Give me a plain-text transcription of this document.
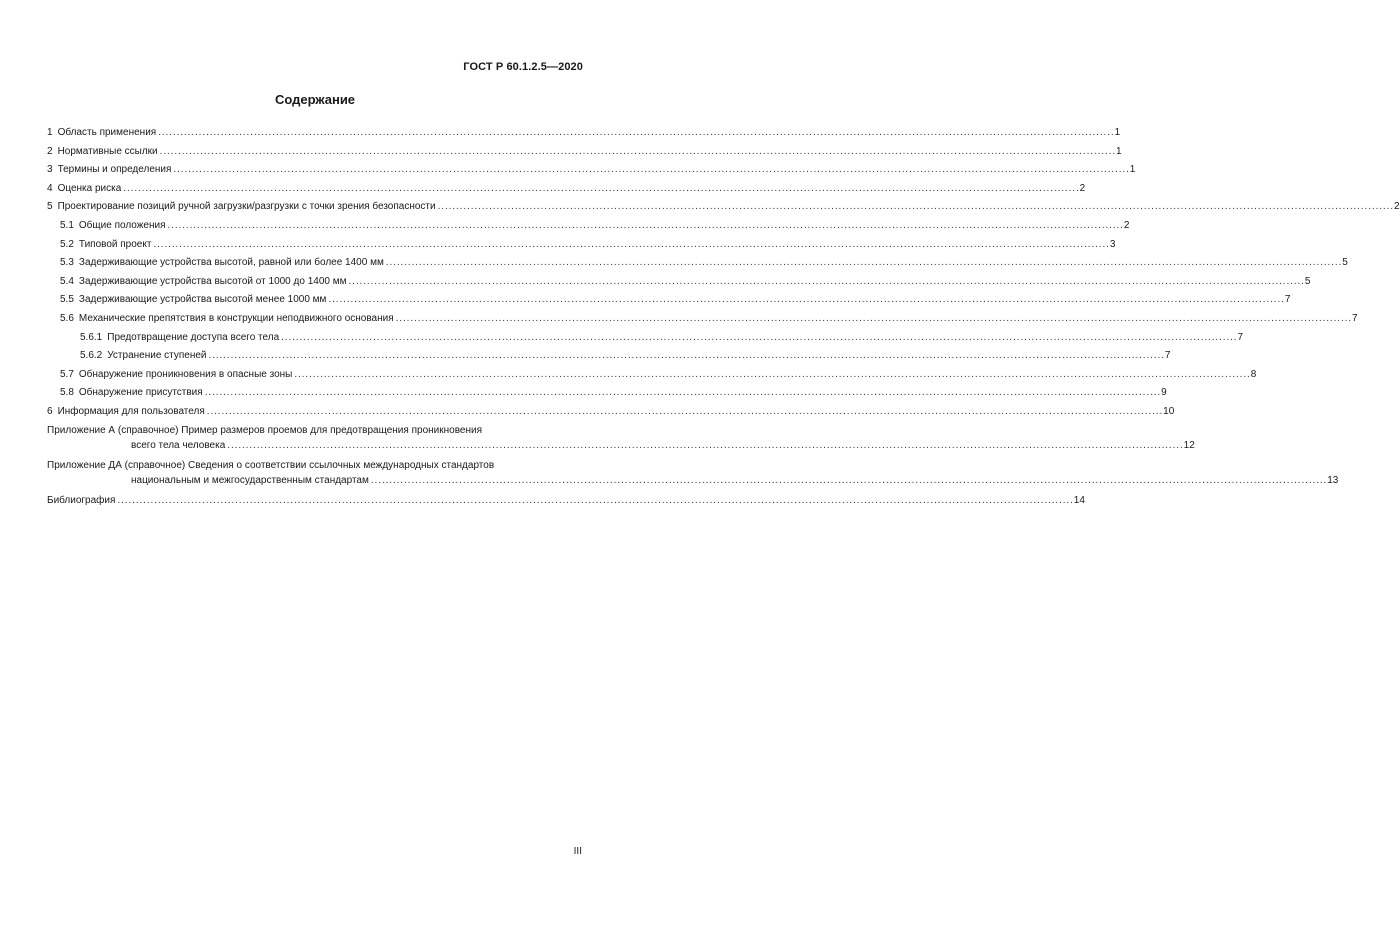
ГОСТ Р 60.1.2.5—2020
Содержание
1 Область применения .................................................................................................................................................................................................................................................................... 1
2 Нормативные ссылки .................................................................................................................................................................................................................................................................... 1
3 Термины и определения .................................................................................................................................................................................................................................................................... 1
4 Оценка риска .................................................................................................................................................................................................................................................................... 2
5 Проектирование позиций ручной загрузки/разгрузки с точки зрения безопасности .................................................................................................................................................................................................................................................................... 2
5.1 Общие положения .................................................................................................................................................................................................................................................................... 2
5.2 Типовой проект .................................................................................................................................................................................................................................................................... 3
5.3 Задерживающие устройства высотой, равной или более 1400 мм .................................................................................................................................................................................................................................................................... 5
5.4 Задерживающие устройства высотой от 1000 до 1400 мм .................................................................................................................................................................................................................................................................... 5
5.5 Задерживающие устройства высотой менее 1000 мм .................................................................................................................................................................................................................................................................... 7
5.6 Механические препятствия в конструкции неподвижного основания .................................................................................................................................................................................................................................................................... 7
5.6.1 Предотвращение доступа всего тела .................................................................................................................................................................................................................................................................... 7
5.6.2 Устранение ступеней .................................................................................................................................................................................................................................................................... 7
5.7 Обнаружение проникновения в опасные зоны .................................................................................................................................................................................................................................................................... 8
5.8 Обнаружение присутствия .................................................................................................................................................................................................................................................................... 9
6 Информация для пользователя .................................................................................................................................................................................................................................................................... 10
Приложение А (справочное) Пример размеров проемов для предотвращения проникновения
всего тела человека .................................................................................................................................................................................................................................................................... 12
Приложение ДА (справочное) Сведения о соответствии ссылочных международных стандартов
национальным и межгосударственным стандартам .................................................................................................................................................................................................................................................................... 13
Библиография .................................................................................................................................................................................................................................................................... 14
III
